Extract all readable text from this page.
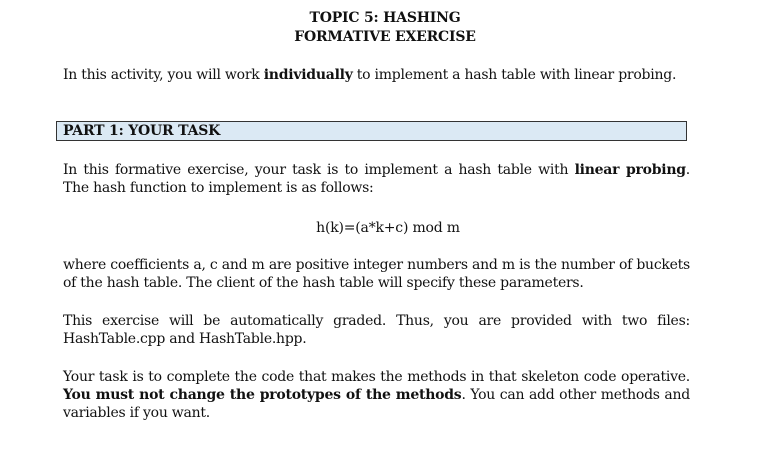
TOPIC 5: HASHING
FORMATIVE EXERCISE
In this activity, you will work individually to implement a hash table with linear probing.
PART 1: YOUR TASK
In this formative exercise, your task is to implement a hash table with linear probing. The hash function to implement is as follows:
h(k)=(a*k+c) mod m
where coefficients a, c and m are positive integer numbers and m is the number of buckets of the hash table. The client of the hash table will specify these parameters.
This exercise will be automatically graded. Thus, you are provided with two files: HashTable.cpp and HashTable.hpp.
Your task is to complete the code that makes the methods in that skeleton code operative. You must not change the prototypes of the methods. You can add other methods and variables if you want.
